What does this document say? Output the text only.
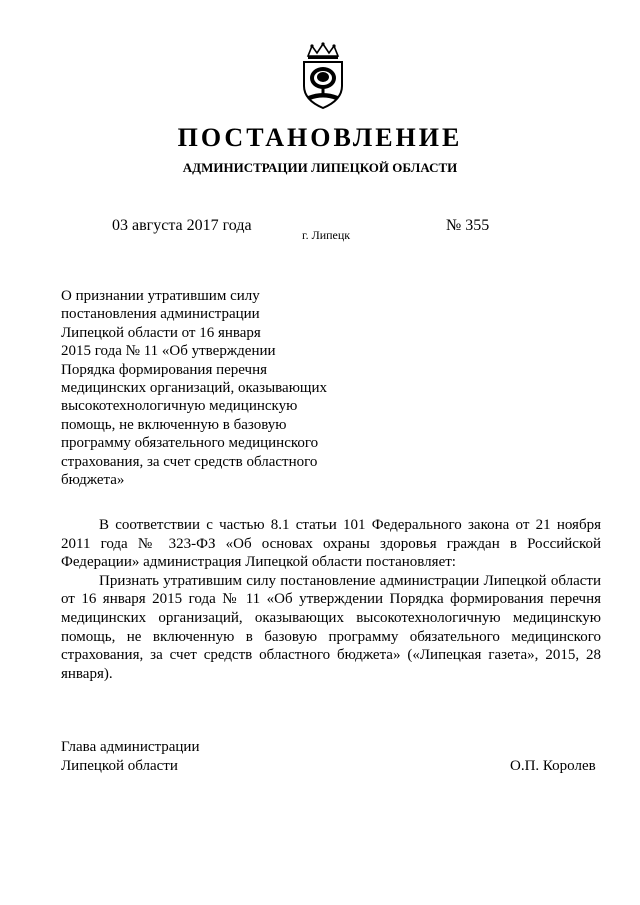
ПОСТАНОВЛЕНИЕ
АДМИНИСТРАЦИИ ЛИПЕЦКОЙ ОБЛАСТИ
03 августа 2017 года
г. Липецк
№ 355
О признании утратившим силу
постановления администрации
Липецкой области от 16 января
2015 года № 11 «Об утверждении
Порядка формирования перечня
медицинских организаций, оказывающих
высокотехнологичную медицинскую
помощь, не включенную в базовую
программу обязательного медицинского
страхования, за счет средств областного
бюджета»

В соответствии с частью 8.1 статьи 101 Федерального закона от 21 ноября 2011 года № 323-ФЗ «Об основах охраны здоровья граждан в Российской Федерации» администрация Липецкой области постановляет:

Признать утратившим силу постановление администрации Липецкой области от 16 января 2015 года № 11 «Об утверждении Порядка формирования перечня медицинских организаций, оказывающих высокотехнологичную медицинскую помощь, не включенную в базовую программу обязательного медицинского страхования, за счет средств областного бюджета» («Липецкая газета», 2015, 28 января).

Глава администрации
Липецкой области	О.П. Королев
